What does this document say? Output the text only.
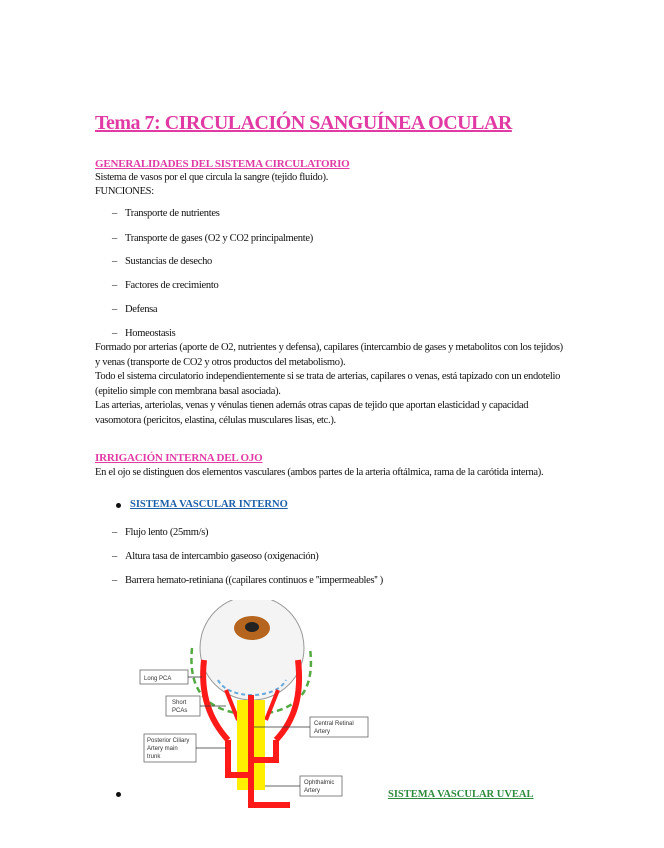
Tema 7: CIRCULACIÓN SANGUÍNEA OCULAR
GENERALIDADES DEL SISTEMA CIRCULATORIO
Sistema de vasos por el que circula la sangre (tejido fluido).
FUNCIONES:
– Transporte de nutrientes
– Transporte de gases (O2 y CO2 principalmente)
– Sustancias de desecho
– Factores de crecimiento
– Defensa
– Homeostasis
Formado por arterias (aporte de O2, nutrientes y defensa), capilares (intercambio de gases y metabolitos con los tejidos) y venas (transporte de CO2 y otros productos del metabolismo).
Todo el sistema circulatorio independientemente si se trata de arterias, capilares o venas, está tapizado con un endotelio (epitelio simple con membrana basal asociada).
Las arterias, arteriolas, venas y vénulas tienen además otras capas de tejido que aportan elasticidad y capacidad vasomotora (pericitos, elastina, células musculares lisas, etc.).
IRRIGACIÓN INTERNA DEL OJO
En el ojo se distinguen dos elementos vasculares (ambos partes de la arteria oftálmica, rama de la carótida interna).
SISTEMA VASCULAR INTERNO
– Flujo lento (25mm/s)
– Altura tasa de intercambio gaseoso (oxigenación)
– Barrera hemato-retiniana ((capilares continuos e ''impermeables'' )
Long PCA
Short
PCAs
Central Retinal
Artery
Posterior Ciliary
Artery main
trunk
Ophthalmic
Artery	SISTEMA VASCULAR UVEAL
